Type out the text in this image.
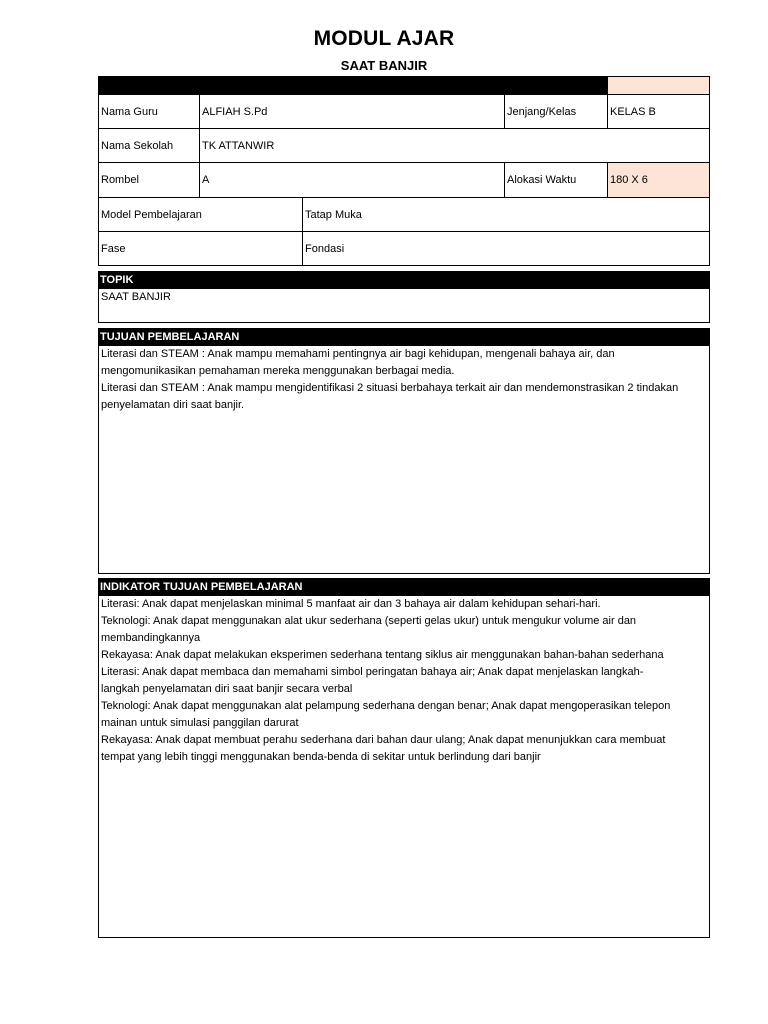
MODUL AJAR
SAAT BANJIR
Nama Guru	ALFIAH S.Pd	Jenjang/Kelas	KELAS B
Nama Sekolah	TK ATTANWIR
Rombel	A	Alokasi Waktu	180 X 6
Model Pembelajaran	Tatap Muka
Fase	Fondasi
TOPIK
SAAT BANJIR
TUJUAN PEMBELAJARAN
Literasi dan STEAM : Anak mampu memahami pentingnya air bagi kehidupan, mengenali bahaya air, dan
mengomunikasikan pemahaman mereka menggunakan berbagai media.
Literasi dan STEAM : Anak mampu mengidentifikasi 2 situasi berbahaya terkait air dan mendemonstrasikan 2 tindakan
penyelamatan diri saat banjir.
INDIKATOR TUJUAN PEMBELAJARAN
Literasi: Anak dapat menjelaskan minimal 5 manfaat air dan 3 bahaya air dalam kehidupan sehari-hari.
Teknologi: Anak dapat menggunakan alat ukur sederhana (seperti gelas ukur) untuk mengukur volume air dan
membandingkannya
Rekayasa: Anak dapat melakukan eksperimen sederhana tentang siklus air menggunakan bahan-bahan sederhana
Literasi: Anak dapat membaca dan memahami simbol peringatan bahaya air; Anak dapat menjelaskan langkah-
langkah penyelamatan diri saat banjir secara verbal
Teknologi: Anak dapat menggunakan alat pelampung sederhana dengan benar; Anak dapat mengoperasikan telepon
mainan untuk simulasi panggilan darurat
Rekayasa: Anak dapat membuat perahu sederhana dari bahan daur ulang; Anak dapat menunjukkan cara membuat
tempat yang lebih tinggi menggunakan benda-benda di sekitar untuk berlindung dari banjir
